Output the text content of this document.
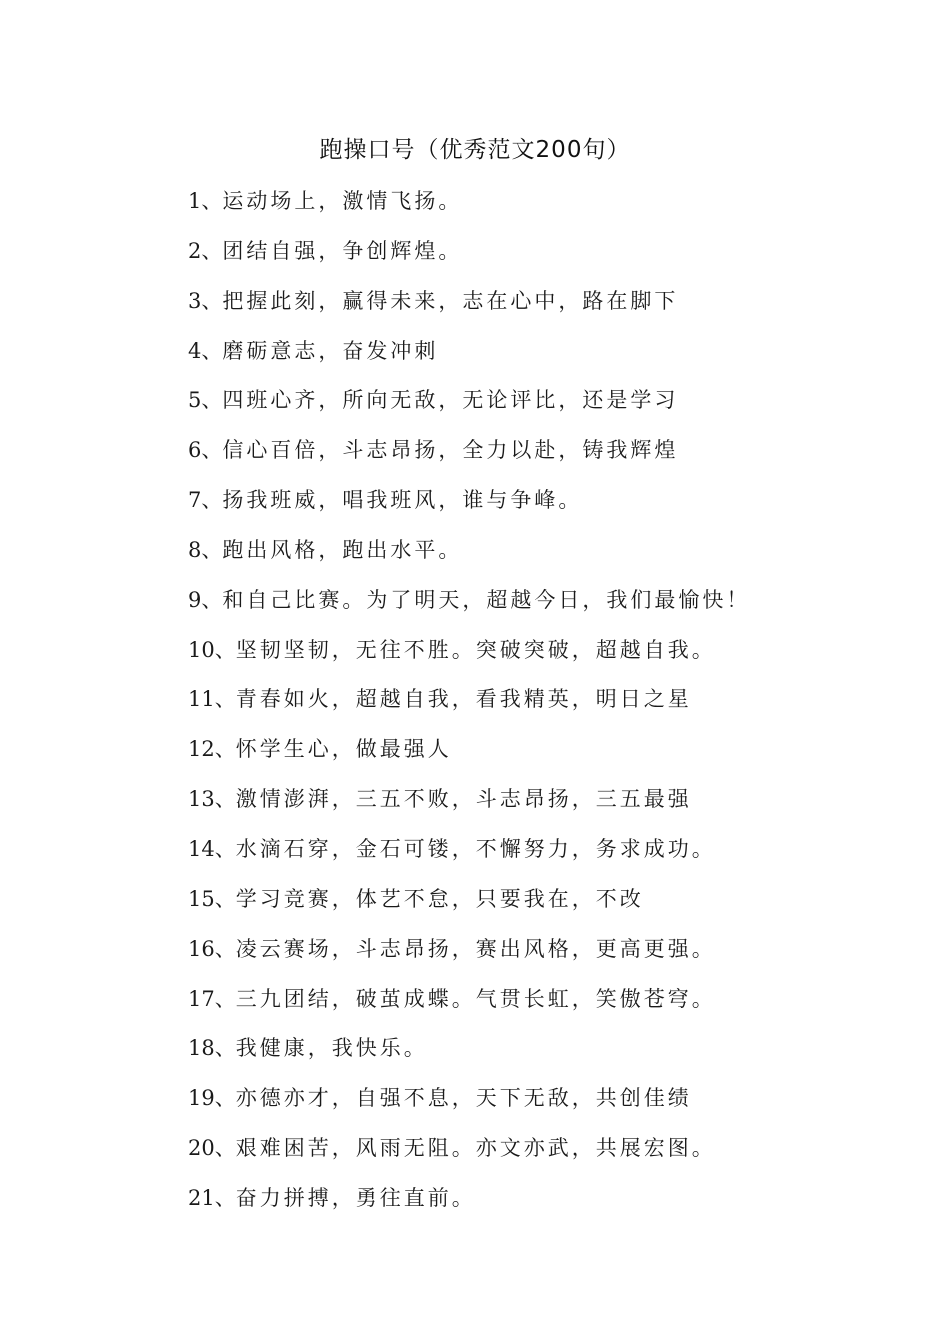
跑操口号（优秀范文200句）
1、运动场上，激情飞扬。
2、团结自强，争创辉煌。
3、把握此刻，赢得未来，志在心中，路在脚下
4、磨砺意志，奋发冲刺
5、四班心齐，所向无敌，无论评比，还是学习
6、信心百倍，斗志昂扬，全力以赴，铸我辉煌
7、扬我班威，唱我班风，谁与争峰。
8、跑出风格，跑出水平。
9、和自己比赛。为了明天，超越今日，我们最愉快！
10、坚韧坚韧，无往不胜。突破突破，超越自我。
11、青春如火，超越自我，看我精英，明日之星
12、怀学生心，做最强人
13、激情澎湃，三五不败，斗志昂扬，三五最强
14、水滴石穿，金石可镂，不懈努力，务求成功。
15、学习竞赛，体艺不怠，只要我在，不改
16、凌云赛场，斗志昂扬，赛出风格，更高更强。
17、三九团结，破茧成蝶。气贯长虹，笑傲苍穹。
18、我健康，我快乐。
19、亦德亦才，自强不息，天下无敌，共创佳绩
20、艰难困苦，风雨无阻。亦文亦武，共展宏图。
21、奋力拼搏，勇往直前。
